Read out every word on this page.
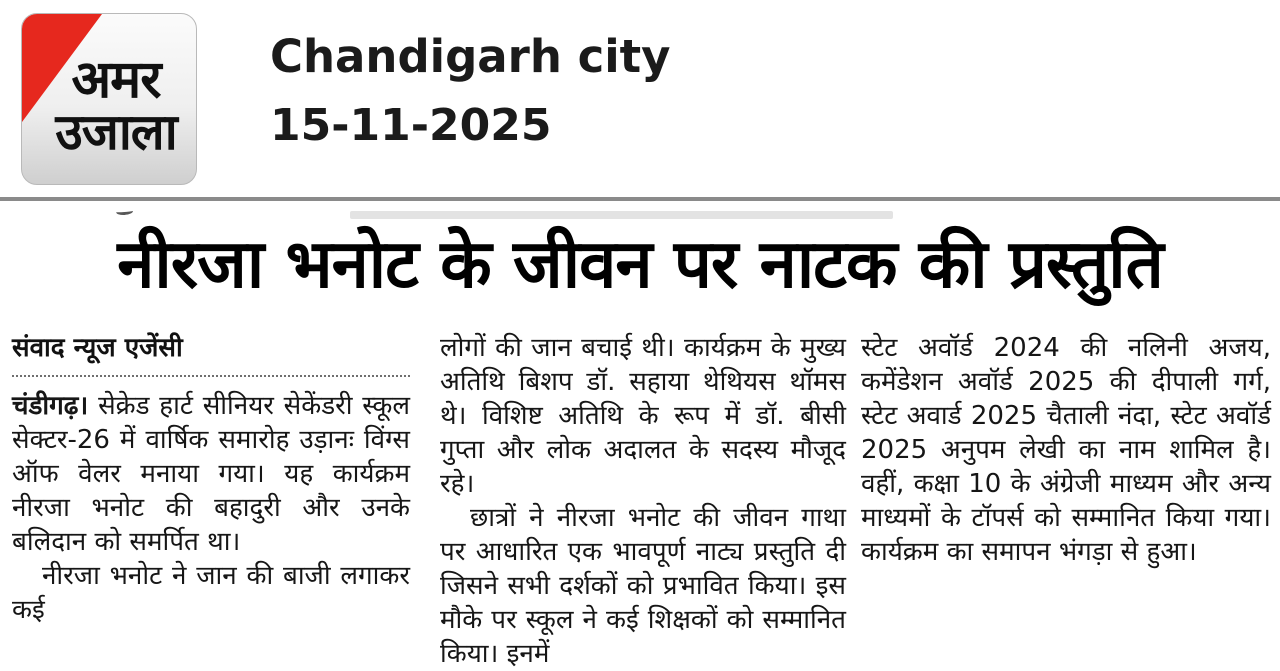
अमर
उजाला
Chandigarh city
15-11-2025
नीरजा भनोट के जीवन पर नाटक की प्रस्तुति
संवाद न्यूज एजेंसी

चंडीगढ़। सेक्रेड हार्ट सीनियर सेकेंडरी स्कूल सेक्टर-26 में वार्षिक समारोह उड़ानः विंग्स ऑफ वेलर मनाया गया। यह कार्यक्रम नीरजा भनोट की बहादुरी और उनके बलिदान को समर्पित था।

नीरजा भनोट ने जान की बाजी लगाकर कई

लोगों की जान बचाई थी। कार्यक्रम के मुख्य अतिथि बिशप डॉ. सहाया थेथियस थॉमस थे। विशिष्ट अतिथि के रूप में डॉ. बीसी गुप्ता और लोक अदालत के सदस्य मौजूद रहे।

छात्रों ने नीरजा भनोट की जीवन गाथा पर आधारित एक भावपूर्ण नाट्य प्रस्तुति दी जिसने सभी दर्शकों को प्रभावित किया। इस मौके पर स्कूल ने कई शिक्षकों को सम्मानित किया। इनमें

स्टेट अवॉर्ड 2024 की नलिनी अजय, कमेंडेशन अवॉर्ड 2025 की दीपाली गर्ग, स्टेट अवार्ड 2025 चैताली नंदा, स्टेट अवॉर्ड 2025 अनुपम लेखी का नाम शामिल है। वहीं, कक्षा 10 के अंग्रेजी माध्यम और अन्य माध्यमों के टॉपर्स को सम्मानित किया गया। कार्यक्रम का समापन भंगड़ा से हुआ।
